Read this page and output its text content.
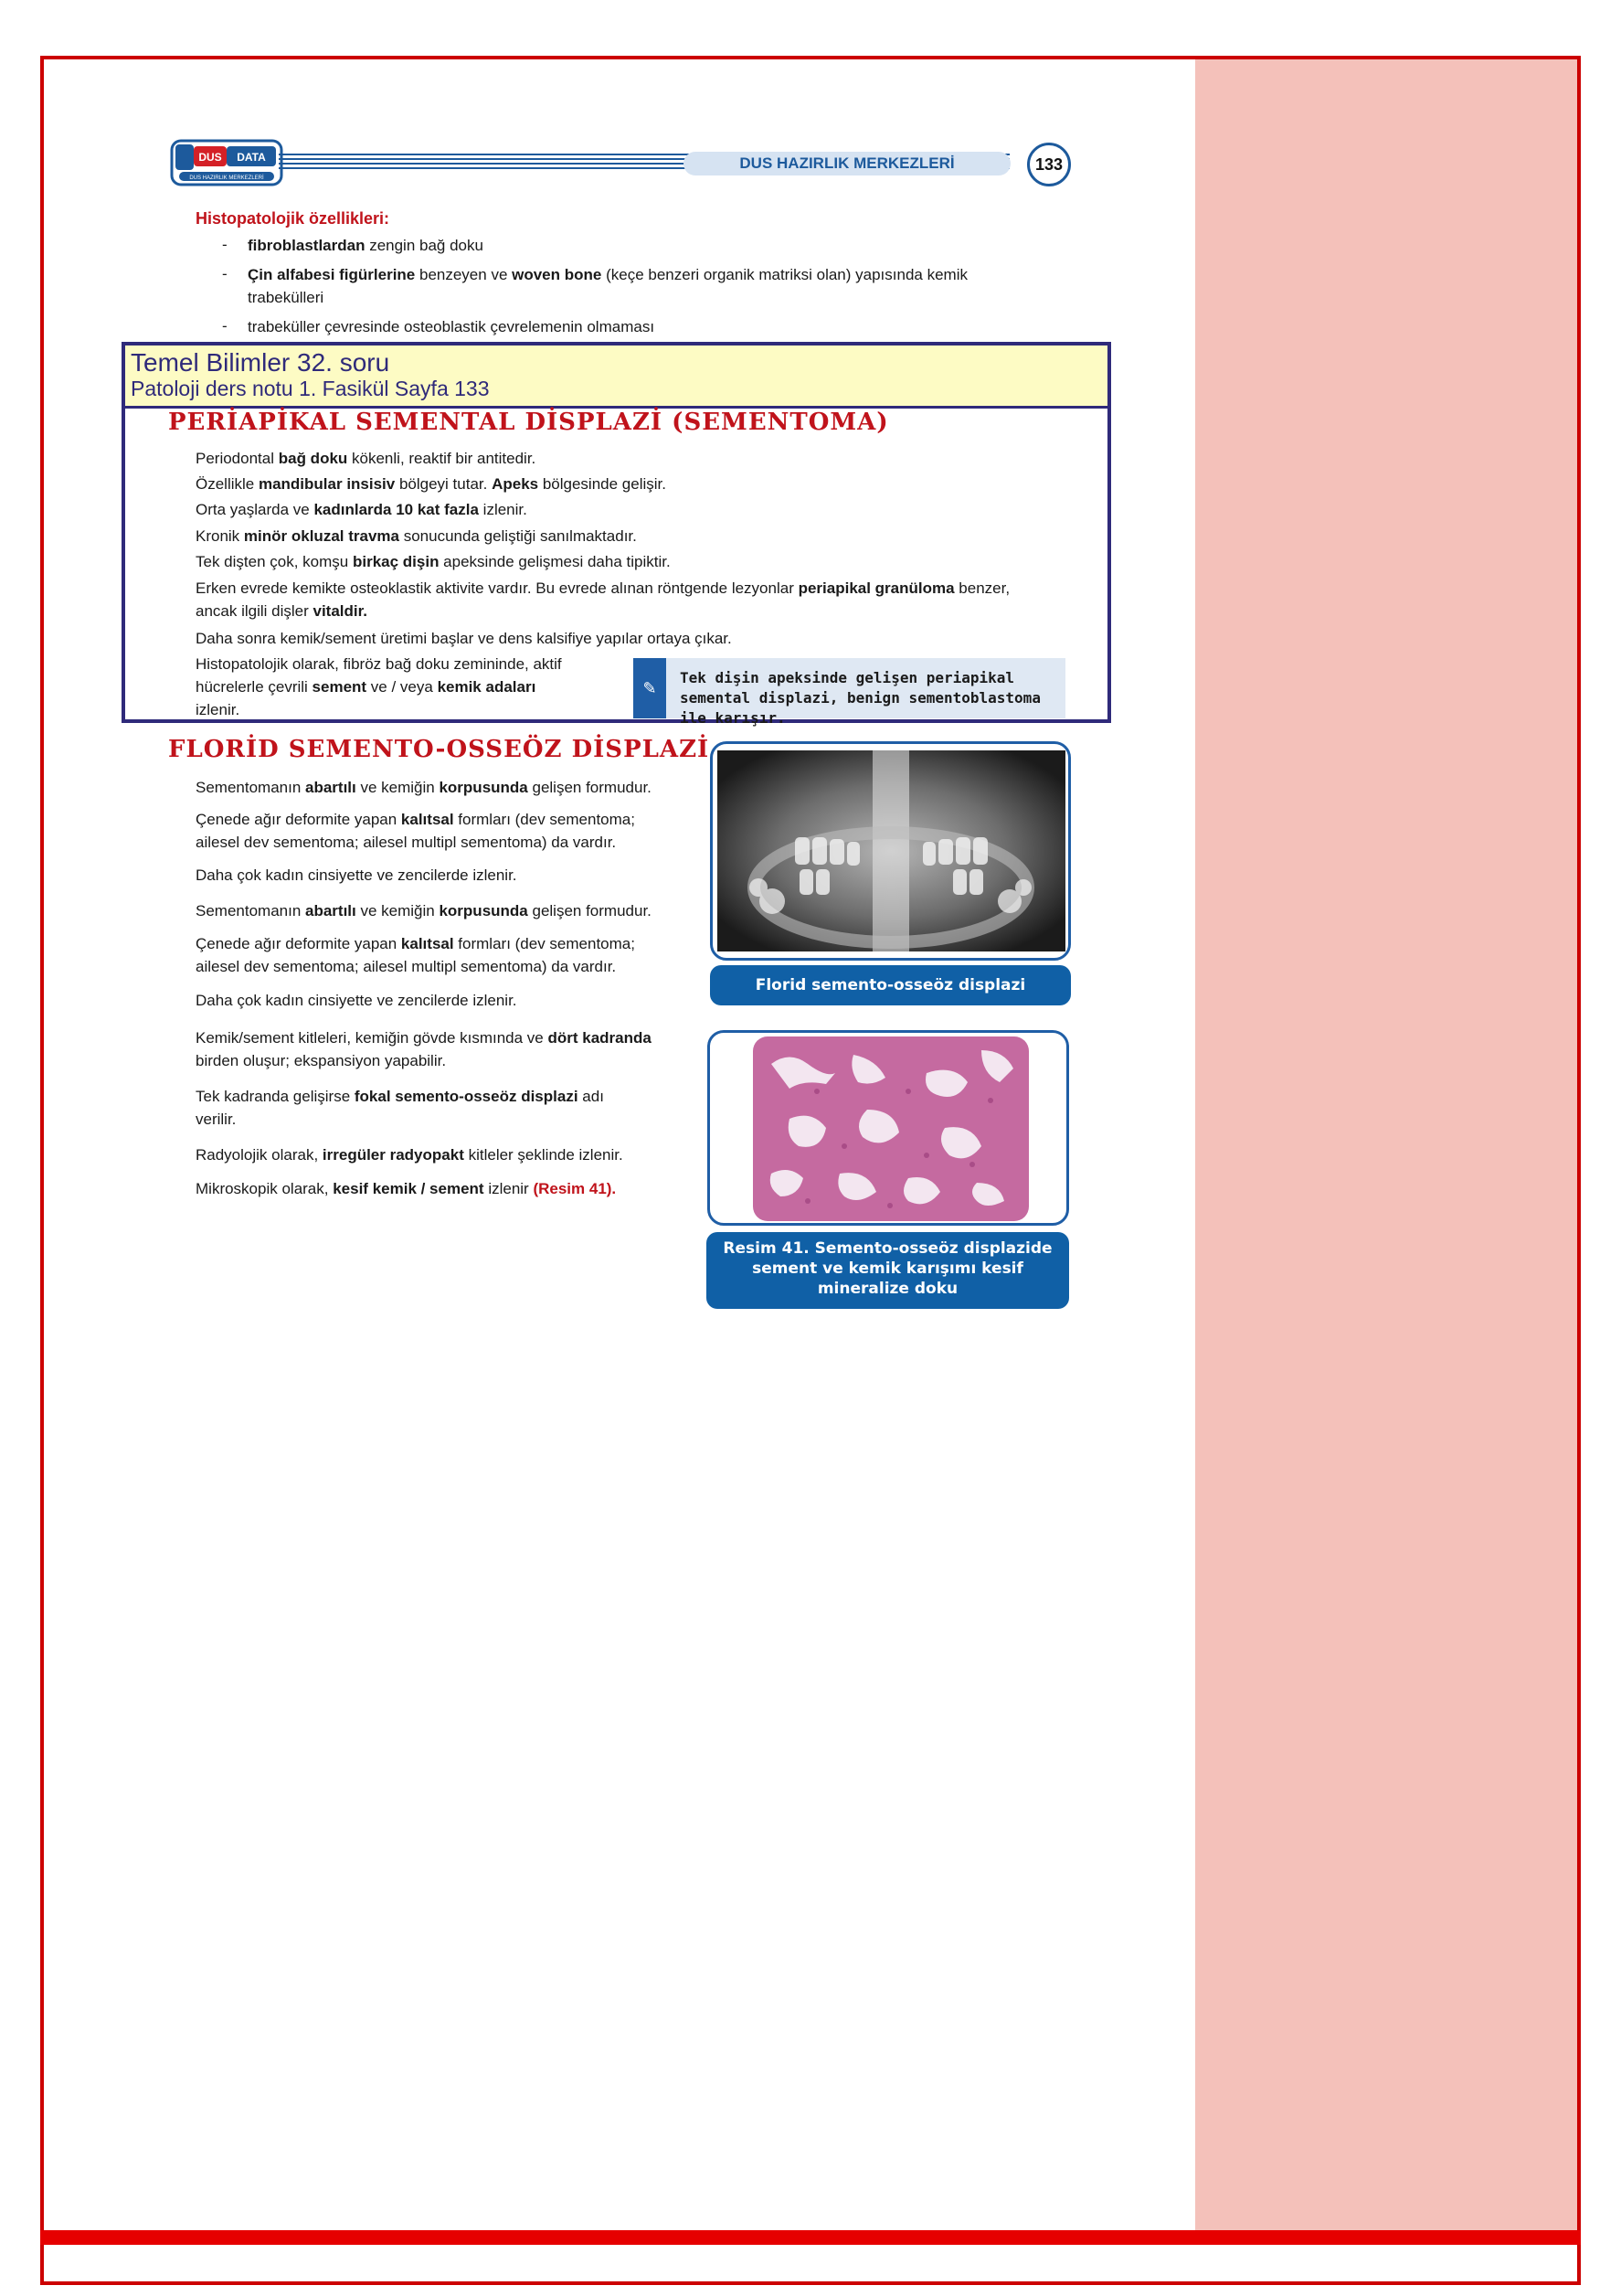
DUS DATA
DUS HAZIRLIK MERKEZLERİ
DUS HAZIRLIK MERKEZLERİ	133
Histopatolojik özellikleri:
- fibroblastlardan zengin bağ doku
- Çin alfabesi figürlerine benzeyen ve woven bone (keçe benzeri organik matriksi olan) yapısında kemik
trabekülleri
- trabeküller çevresinde osteoblastik çevrelemenin olmaması
Temel Bilimler 32. soru
Patoloji ders notu 1. Fasikül Sayfa 133
PERİAPİKAL SEMENTAL DİSPLAZİ (SEMENTOMA)
Periodontal bağ doku kökenli, reaktif bir antitedir.
Özellikle mandibular insisiv bölgeyi tutar. Apeks bölgesinde gelişir.
Orta yaşlarda ve kadınlarda 10 kat fazla izlenir.
Kronik minör okluzal travma sonucunda geliştiği sanılmaktadır.
Tek dişten çok, komşu birkaç dişin apeksinde gelişmesi daha tipiktir.
Erken evrede kemikte osteoklastik aktivite vardır. Bu evrede alınan röntgende lezyonlar periapikal granüloma benzer,
ancak ilgili dişler vitaldir.
Daha sonra kemik/sement üretimi başlar ve dens kalsifiye yapılar ortaya çıkar.
Histopatolojik olarak, fibröz bağ doku zemininde, aktif
hücrelerle çevrili sement ve / veya kemik adaları
izlenir.
✎
Tek dişin apeksinde gelişen periapikal semental displazi, benign sementoblastoma ile karışır.
FLORİD SEMENTO-OSSEÖZ DİSPLAZİ
Sementomanın abartılı ve kemiğin korpusunda gelişen formudur.
Çenede ağır deformite yapan kalıtsal formları (dev sementoma;
ailesel dev sementoma; ailesel multipl sementoma) da vardır.
Daha çok kadın cinsiyette ve zencilerde izlenir.
Sementomanın abartılı ve kemiğin korpusunda gelişen formudur.
Çenede ağır deformite yapan kalıtsal formları (dev sementoma;
ailesel dev sementoma; ailesel multipl sementoma) da vardır.
Daha çok kadın cinsiyette ve zencilerde izlenir.
Kemik/sement kitleleri, kemiğin gövde kısmında ve dört kadranda
birden oluşur; ekspansiyon yapabilir.
Tek kadranda gelişirse fokal semento-osseöz displazi adı
verilir.
Radyolojik olarak, irregüler radyopakt kitleler şeklinde izlenir.
Mikroskopik olarak, kesif kemik / sement izlenir (Resim 41).
Florid semento-osseöz displazi
Resim 41. Semento-osseöz displazide
sement ve kemik karışımı kesif
mineralize doku
